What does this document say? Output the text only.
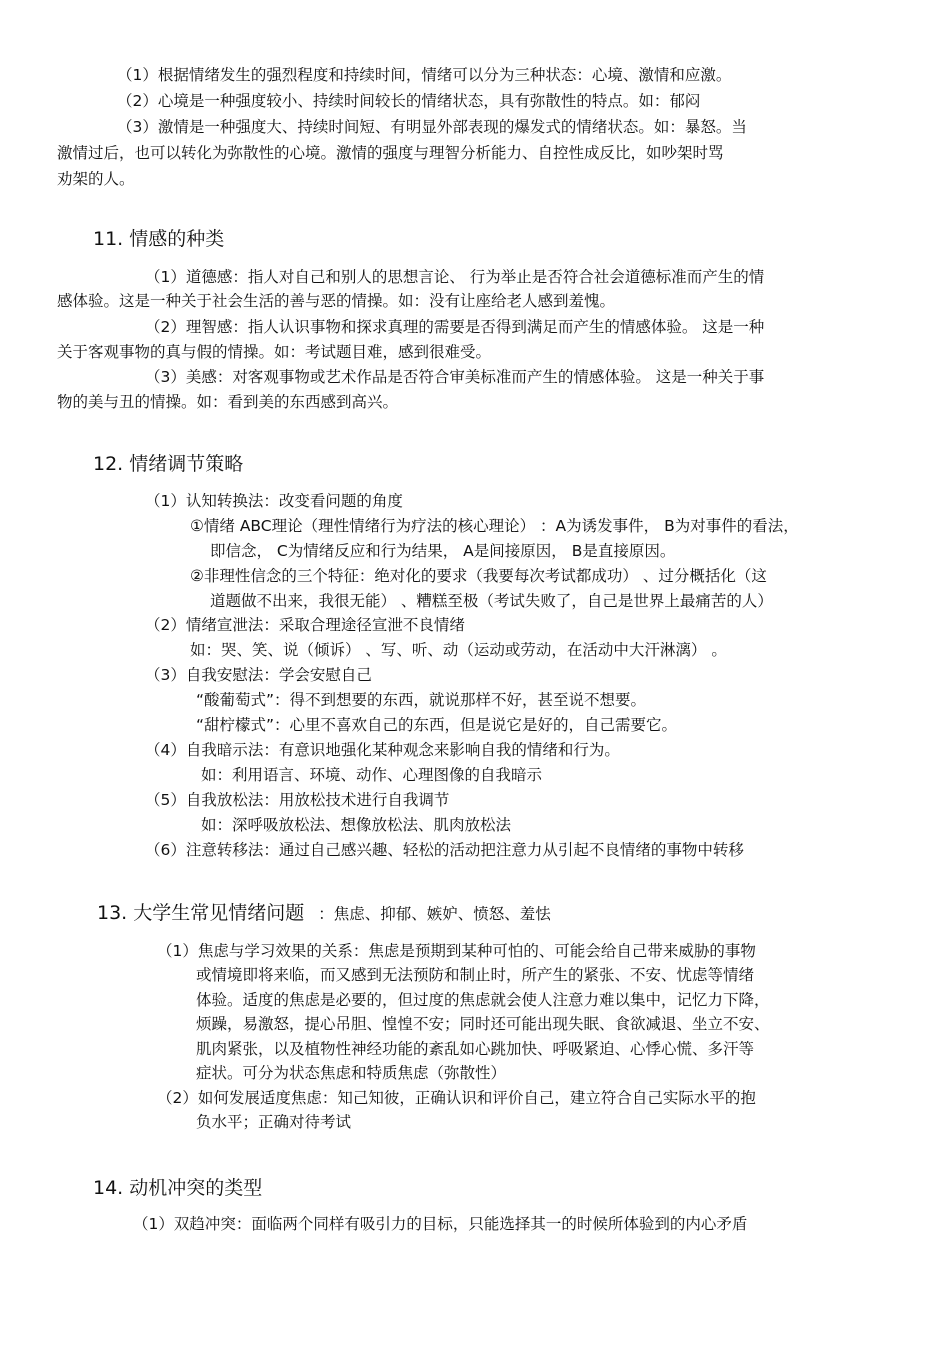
（1）根据情绪发生的强烈程度和持续时间，情绪可以分为三种状态：心境、激情和应激。
（2）心境是一种强度较小、持续时间较长的情绪状态，具有弥散性的特点。如：郁闷
（3）激情是一种强度大、持续时间短、有明显外部表现的爆发式的情绪状态。如：暴怒。当
激情过后，也可以转化为弥散性的心境。激情的强度与理智分析能力、自控性成反比，如吵架时骂
劝架的人。
11. 情感的种类
（1）道德感：指人对自己和别人的思想言论、 行为举止是否符合社会道德标准而产生的情
感体验。这是一种关于社会生活的善与恶的情操。如：没有让座给老人感到羞愧。
（2）理智感：指人认识事物和探求真理的需要是否得到满足而产生的情感体验。 这是一种
关于客观事物的真与假的情操。如：考试题目难，感到很难受。
（3）美感：对客观事物或艺术作品是否符合审美标准而产生的情感体验。 这是一种关于事
物的美与丑的情操。如：看到美的东西感到高兴。
12. 情绪调节策略
（1）认知转换法：改变看问题的角度
①情绪 ABC理论（理性情绪行为疗法的核心理论） ：A为诱发事件， B为对事件的看法，
即信念， C为情绪反应和行为结果， A是间接原因， B是直接原因。
②非理性信念的三个特征：绝对化的要求（我要每次考试都成功） 、过分概括化（这
道题做不出来，我很无能） 、糟糕至极（考试失败了，自己是世界上最痛苦的人）
（2）情绪宣泄法：采取合理途径宣泄不良情绪
如：哭、笑、说（倾诉） 、写、听、动（运动或劳动，在活动中大汗淋漓） 。
（3）自我安慰法：学会安慰自己
“酸葡萄式”：得不到想要的东西，就说那样不好，甚至说不想要。
“甜柠檬式”：心里不喜欢自己的东西，但是说它是好的，自己需要它。
（4）自我暗示法：有意识地强化某种观念来影响自我的情绪和行为。
如：利用语言、环境、动作、心理图像的自我暗示
（5）自我放松法：用放松技术进行自我调节
如：深呼吸放松法、想像放松法、肌肉放松法
（6）注意转移法：通过自己感兴趣、轻松的活动把注意力从引起不良情绪的事物中转移
13. 大学生常见情绪问题 ：焦虑、抑郁、嫉妒、愤怒、羞怯
（1）焦虑与学习效果的关系：焦虑是预期到某种可怕的、可能会给自己带来威胁的事物
或情境即将来临，而又感到无法预防和制止时，所产生的紧张、不安、忧虑等情绪
体验。适度的焦虑是必要的，但过度的焦虑就会使人注意力难以集中，记忆力下降，
烦躁，易激怒，提心吊胆、惶惶不安；同时还可能出现失眠、食欲减退、坐立不安、
肌肉紧张，以及植物性神经功能的紊乱如心跳加快、呼吸紧迫、心悸心慌、多汗等
症状。可分为状态焦虑和特质焦虑（弥散性）
（2）如何发展适度焦虑：知己知彼，正确认识和评价自己，建立符合自己实际水平的抱
负水平；正确对待考试
14. 动机冲突的类型
（1）双趋冲突：面临两个同样有吸引力的目标，只能选择其一的时候所体验到的内心矛盾
